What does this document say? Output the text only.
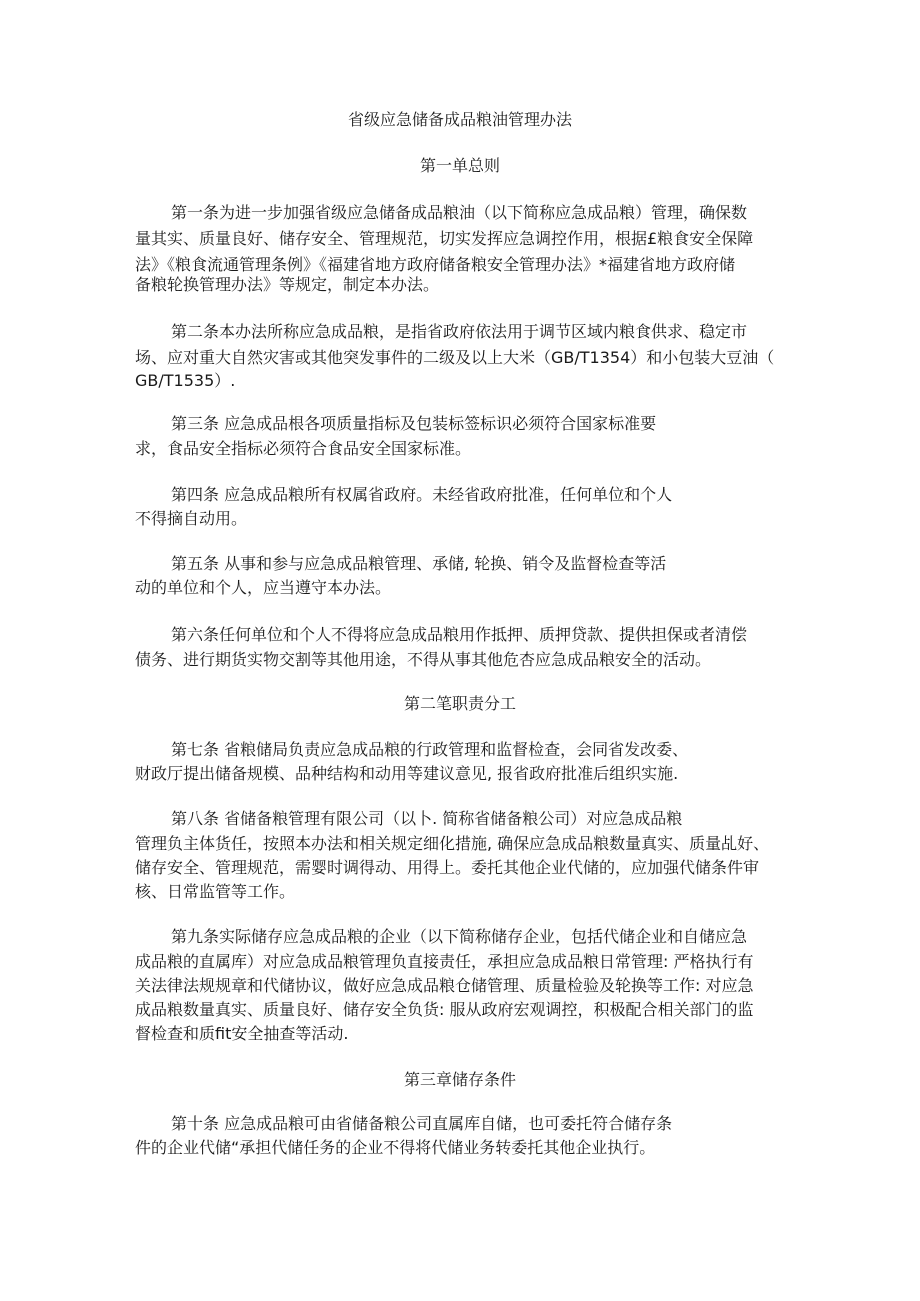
省级应急储备成品粮油管理办法
第一单总则
第一条为进一步加强省级应急储备成品粮油（以下简称应急成品粮）管理，确保数
量其实、质量良好、储存安全、管理规范，切实发挥应急调控作用，根据£粮食安全保障
法》《粮食流通管理条例》《福建省地方政府储备粮安全管理办法》*福建省地方政府储
备粮轮换管理办法》等规定，制定本办法。
第二条本办法所称应急成品粮，是指省政府依法用于调节区域内粮食供求、稳定市
场、应对重大自然灾害或其他突发事件的二级及以上大米（GB/T1354）和小包装大豆油（
GB/T1535）.
第三条 应急成品根各项质量指标及包装标签标识必须符合国家标准要
求，食品安全指标必须符合食品安全国家标准。
第四条 应急成品粮所有权属省政府。未经省政府批准，任何单位和个人
不得摘自动用。
第五条 从事和参与应急成品粮管理、承储, 轮换、销令及监督检查等活
动的单位和个人，应当遵守本办法。
第六条任何单位和个人不得将应急成品粮用作抵押、质押贷款、提供担保或者清偿
债务、进行期货实物交割等其他用途，不得从事其他危杏应急成品粮安全的活动。
第二笔职责分工
第七条 省粮储局负责应急成品粮的行政管理和监督检查，会同省发改委、
财政厅提出储备规模、品种结构和动用等建议意见, 报省政府批准后组织实施.
第八条 省储备粮管理有限公司（以卜. 简称省储备粮公司）对应急成品粮
管理负主体货任，按照本办法和相关规定细化措施, 确保应急成品粮数量真实、质量乩好、
储存安全、管理规范，需婴时调得动、用得上。委托其他企业代储的，应加强代储条件审
核、日常监管等工作。
第九条实际储存应急成品粮的企业（以下简称储存企业，包括代储企业和自储应急
成品粮的直属库）对应急成品粮管理负直接责任，承担应急成品粮日常管理: 严格执行有
关法律法规规章和代储协议，做好应急成品粮仓储管理、质量检验及轮换等工作: 对应急
成品粮数量真实、质量良好、储存安全负货: 服从政府宏观调控，积极配合相关部门的监
督检查和质fit安全抽查等活动.
第三章储存条件
第十条 应急成品粮可由省储备粮公司直属库自储，也可委托符合储存条
件的企业代储“承担代储任务的企业不得将代储业务转委托其他企业执行。
